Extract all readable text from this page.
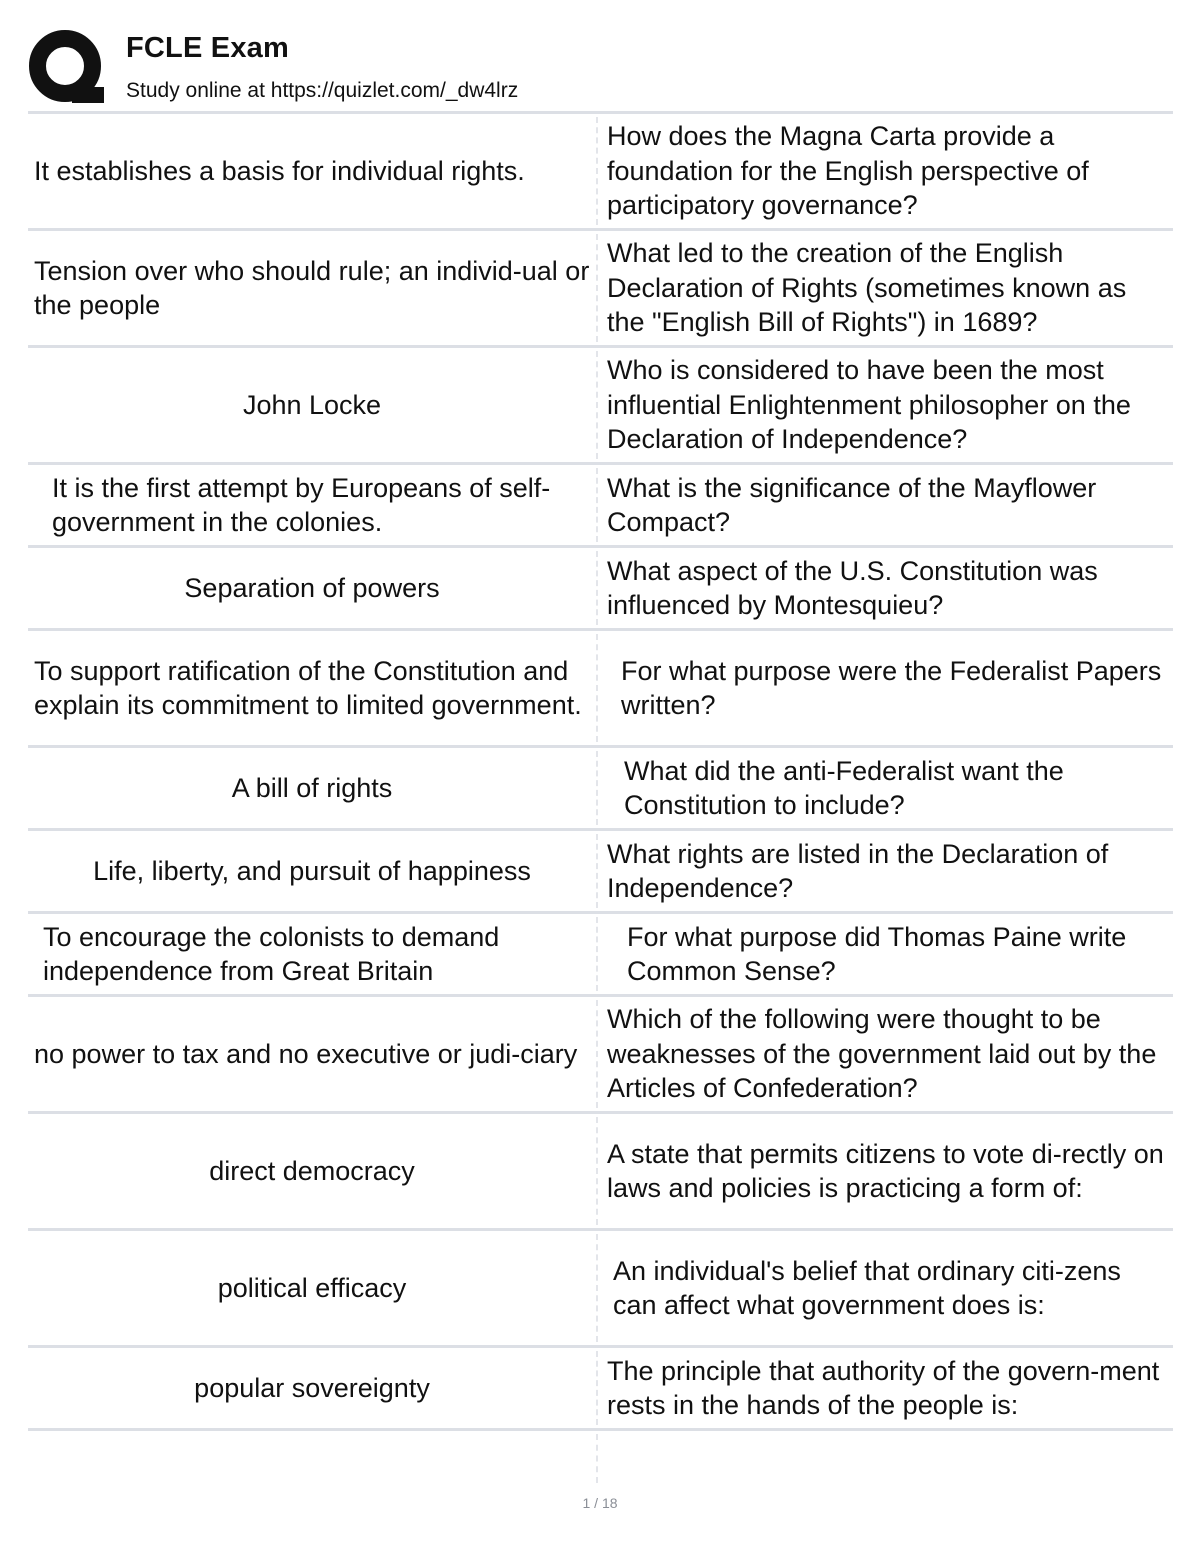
FCLE Exam
Study online at https://quizlet.com/_dw4lrz
It establishes a basis for individual rights.
How does the Magna Carta provide a foundation for the English perspective of participatory governance?
Tension over who should rule; an individ-ual or the people
What led to the creation of the English Declaration of Rights (sometimes known as the "English Bill of Rights") in 1689?
John Locke
Who is considered to have been the most influential Enlightenment philosopher on the Declaration of Independence?
It is the first attempt by Europeans of self-government in the colonies.
What is the significance of the Mayflower Compact?
Separation of powers
What aspect of the U.S. Constitution was influenced by Montesquieu?
To support ratification of the Constitution and explain its commitment to limited government.
For what purpose were the Federalist Papers written?
A bill of rights
What did the anti-Federalist want the Constitution to include?
Life, liberty, and pursuit of happiness
What rights are listed in the Declaration of Independence?
To encourage the colonists to demand independence from Great Britain
For what purpose did Thomas Paine write Common Sense?
no power to tax and no executive or judi-ciary
Which of the following were thought to be weaknesses of the government laid out by the Articles of Confederation?
direct democracy
A state that permits citizens to vote di-rectly on laws and policies is practicing a form of:
political efficacy
An individual's belief that ordinary citi-zens can affect what government does is:
popular sovereignty
The principle that authority of the govern-ment rests in the hands of the people is:
1 / 18
